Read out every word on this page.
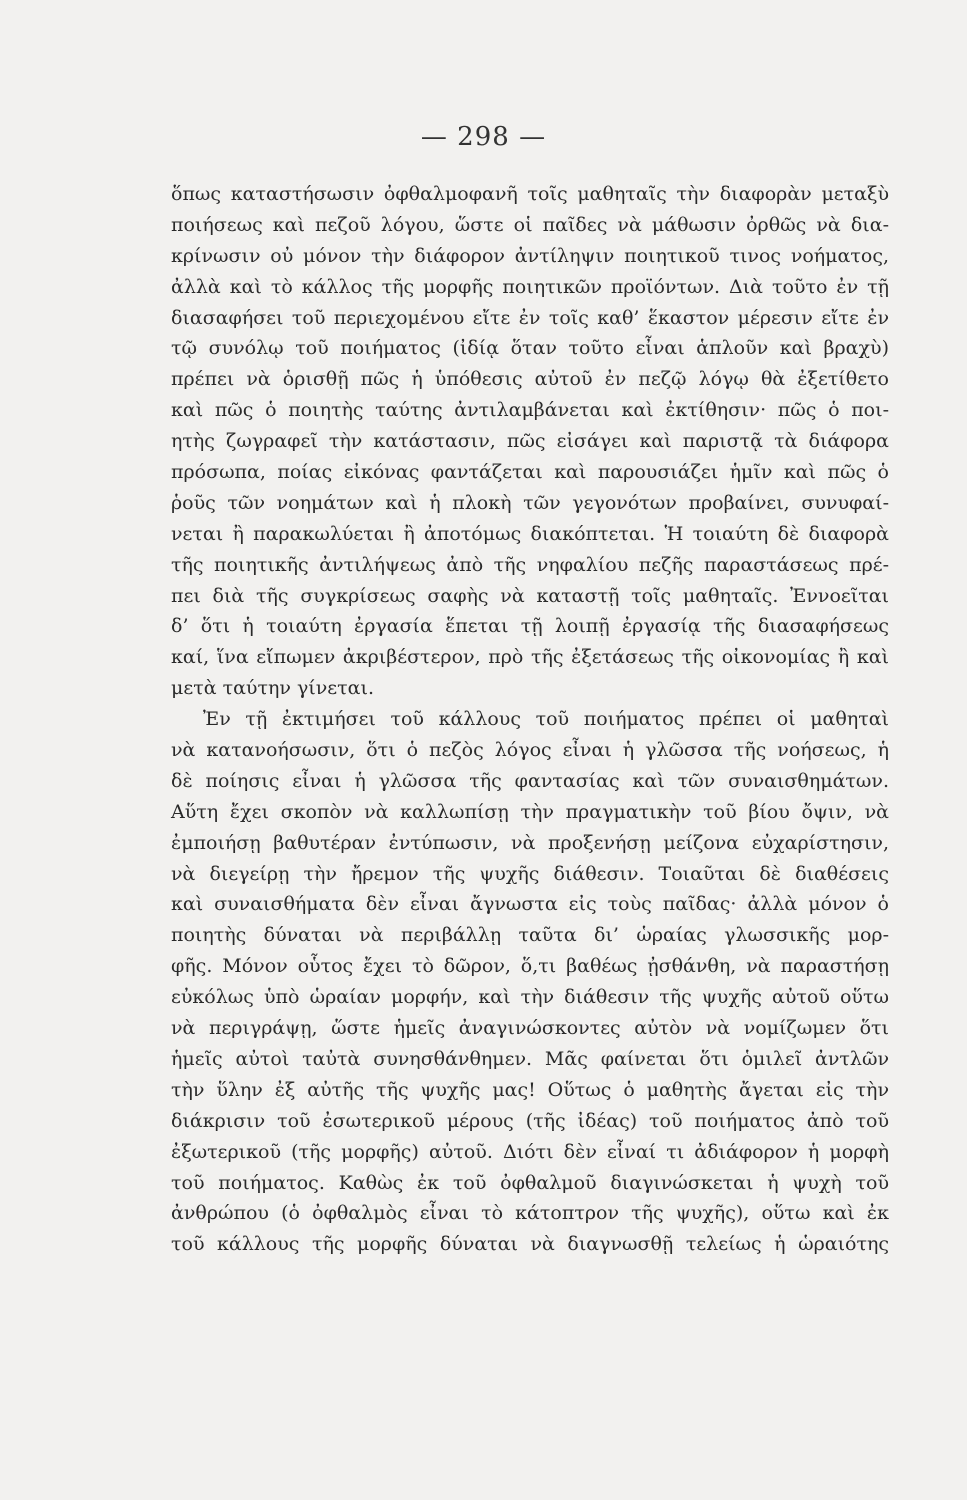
— 298 —
ὅπως καταστήσωσιν ὀφθαλμοφανῆ τοῖς μαθηταῖς τὴν διαφορὰν μεταξὺ
ποιήσεως καὶ πεζοῦ λόγου, ὥστε οἱ παῖδες νὰ μάθωσιν ὀρθῶς νὰ δια-
κρίνωσιν οὐ μόνον τὴν διάφορον ἀντίληψιν ποιητικοῦ τινος νοήματος,
ἀλλὰ καὶ τὸ κάλλος τῆς μορφῆς ποιητικῶν προϊόντων. Διὰ τοῦτο ἐν τῇ
διασαφήσει τοῦ περιεχομένου εἴτε ἐν τοῖς καθ’ ἕκαστον μέρεσιν εἴτε ἐν
τῷ συνόλῳ τοῦ ποιήματος (ἰδίᾳ ὅταν τοῦτο εἶναι ἁπλοῦν καὶ βραχὺ)
πρέπει νὰ ὁρισθῇ πῶς ἡ ὑπόθεσις αὐτοῦ ἐν πεζῷ λόγῳ θὰ ἐξετίθετο
καὶ πῶς ὁ ποιητὴς ταύτης ἀντιλαμβάνεται καὶ ἐκτίθησιν· πῶς ὁ ποι-
ητὴς ζωγραφεῖ τὴν κατάστασιν, πῶς εἰσάγει καὶ παριστᾷ τὰ διάφορα
πρόσωπα, ποίας εἰκόνας φαντάζεται καὶ παρουσιάζει ἡμῖν καὶ πῶς ὁ
ῥοῦς τῶν νοημάτων καὶ ἡ πλοκὴ τῶν γεγονότων προβαίνει, συνυφαί-
νεται ἢ παρακωλύεται ἢ ἀποτόμως διακόπτεται. Ἡ τοιαύτη δὲ διαφορὰ
τῆς ποιητικῆς ἀντιλήψεως ἀπὸ τῆς νηφαλίου πεζῆς παραστάσεως πρέ-
πει διὰ τῆς συγκρίσεως σαφὴς νὰ καταστῇ τοῖς μαθηταῖς. Ἐννοεῖται
δ’ ὅτι ἡ τοιαύτη ἐργασία ἕπεται τῇ λοιπῇ ἐργασίᾳ τῆς διασαφήσεως
καί, ἵνα εἴπωμεν ἀκριβέστερον, πρὸ τῆς ἐξετάσεως τῆς οἰκονομίας ἢ καὶ
μετὰ ταύτην γίνεται.
Ἐν τῇ ἐκτιμήσει τοῦ κάλλους τοῦ ποιήματος πρέπει οἱ μαθηταὶ
νὰ κατανοήσωσιν, ὅτι ὁ πεζὸς λόγος εἶναι ἡ γλῶσσα τῆς νοήσεως, ἡ
δὲ ποίησις εἶναι ἡ γλῶσσα τῆς φαντασίας καὶ τῶν συναισθημάτων.
Αὕτη ἔχει σκοπὸν νὰ καλλωπίσῃ τὴν πραγματικὴν τοῦ βίου ὄψιν, νὰ
ἐμποιήσῃ βαθυτέραν ἐντύπωσιν, νὰ προξενήσῃ μείζονα εὐχαρίστησιν,
νὰ διεγείρῃ τὴν ἤρεμον τῆς ψυχῆς διάθεσιν. Τοιαῦται δὲ διαθέσεις
καὶ συναισθήματα δὲν εἶναι ἄγνωστα εἰς τοὺς παῖδας· ἀλλὰ μόνον ὁ
ποιητὴς δύναται νὰ περιβάλλῃ ταῦτα δι’ ὡραίας γλωσσικῆς μορ-
φῆς. Μόνον οὗτος ἔχει τὸ δῶρον, ὅ,τι βαθέως ᾐσθάνθη, νὰ παραστήσῃ
εὐκόλως ὑπὸ ὡραίαν μορφήν, καὶ τὴν διάθεσιν τῆς ψυχῆς αὐτοῦ οὕτω
νὰ περιγράψῃ, ὥστε ἡμεῖς ἀναγινώσκοντες αὐτὸν νὰ νομίζωμεν ὅτι
ἡμεῖς αὐτοὶ ταὐτὰ συνησθάνθημεν. Μᾶς φαίνεται ὅτι ὁμιλεῖ ἀντλῶν
τὴν ὕλην ἐξ αὐτῆς τῆς ψυχῆς μας! Οὕτως ὁ μαθητὴς ἄγεται εἰς τὴν
διάκρισιν τοῦ ἐσωτερικοῦ μέρους (τῆς ἰδέας) τοῦ ποιήματος ἀπὸ τοῦ
ἐξωτερικοῦ (τῆς μορφῆς) αὐτοῦ. Διότι δὲν εἶναί τι ἀδιάφορον ἡ μορφὴ
τοῦ ποιήματος. Καθὼς ἐκ τοῦ ὀφθαλμοῦ διαγινώσκεται ἡ ψυχὴ τοῦ
ἀνθρώπου (ὁ ὀφθαλμὸς εἶναι τὸ κάτοπτρον τῆς ψυχῆς), οὕτω καὶ ἐκ
τοῦ κάλλους τῆς μορφῆς δύναται νὰ διαγνωσθῇ τελείως ἡ ὡραιότης
